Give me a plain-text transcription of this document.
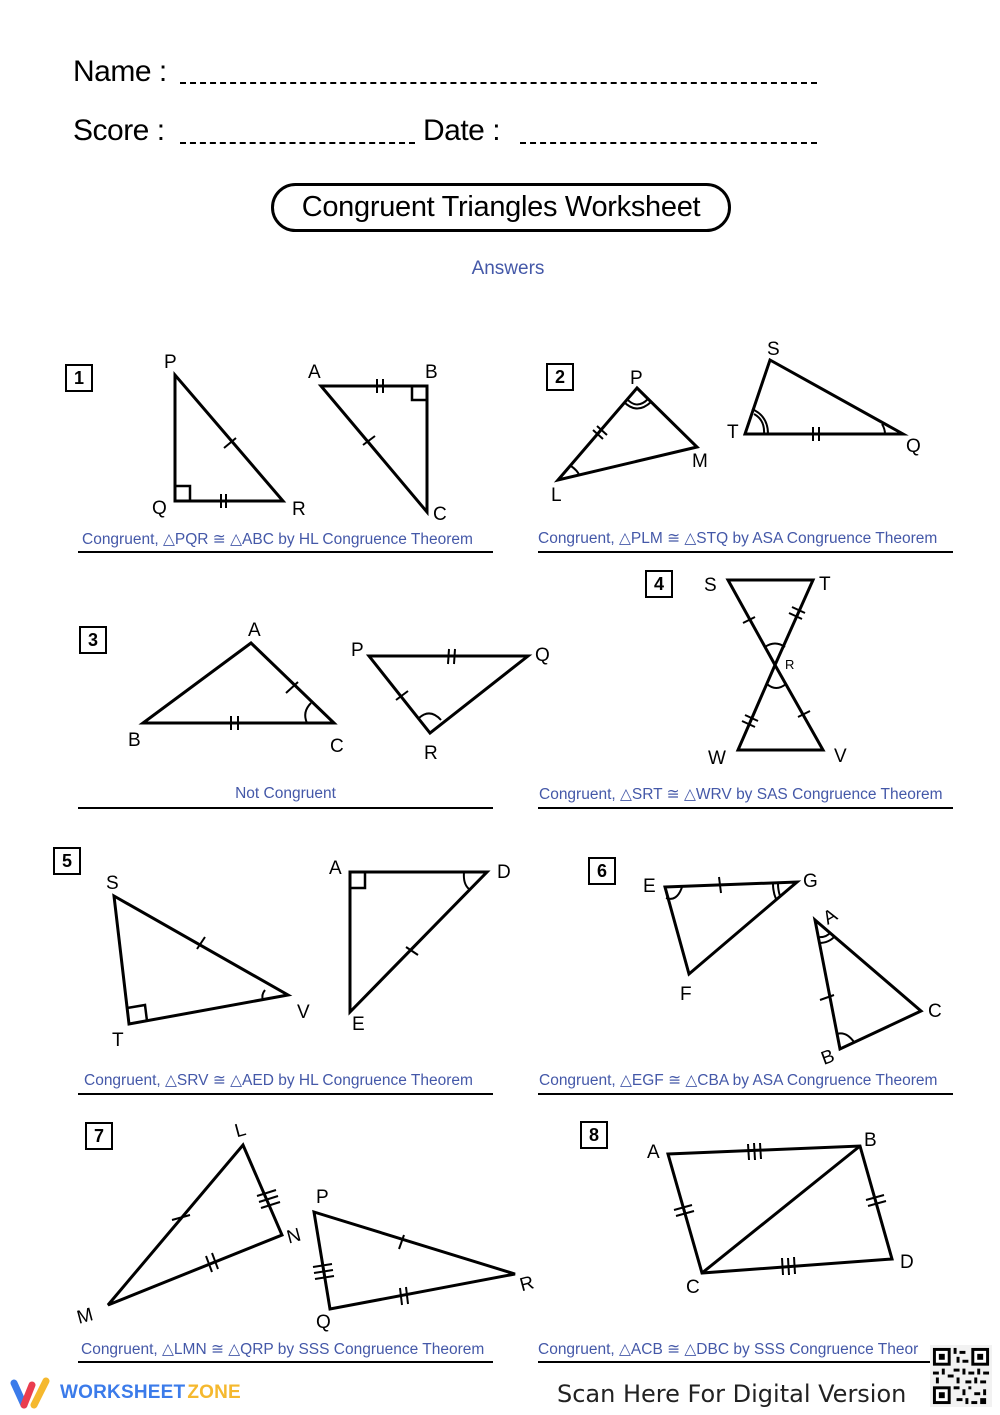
Name :
Score :	Date :
Congruent Triangles Worksheet
Answers
P
Q	R
A	B
C
P
L
M
S
T
Q
A
B	C
P	Q
R
S	T
R
W	V
S
T
V
A	D
E
E	G
F
A
B
C
L
M
N
P
Q
R
A
B
C
D
1	2
3
4
5	6
7	8
Congruent, △PQR ≅ △ABC by HL Congruence Theorem	Congruent, △PLM ≅ △STQ by ASA Congruence Theorem
Not Congruent	Congruent, △SRT ≅ △WRV by SAS Congruence Theorem
Congruent, △SRV ≅ △AED by HL Congruence Theorem	Congruent, △EGF ≅ △CBA by ASA Congruence Theorem
Congruent, △LMN ≅ △QRP by SSS Congruence Theorem	Congruent, △ACB ≅ △DBC by SSS Congruence Theor
WORKSHEET ZONE	Scan Here For Digital Version
